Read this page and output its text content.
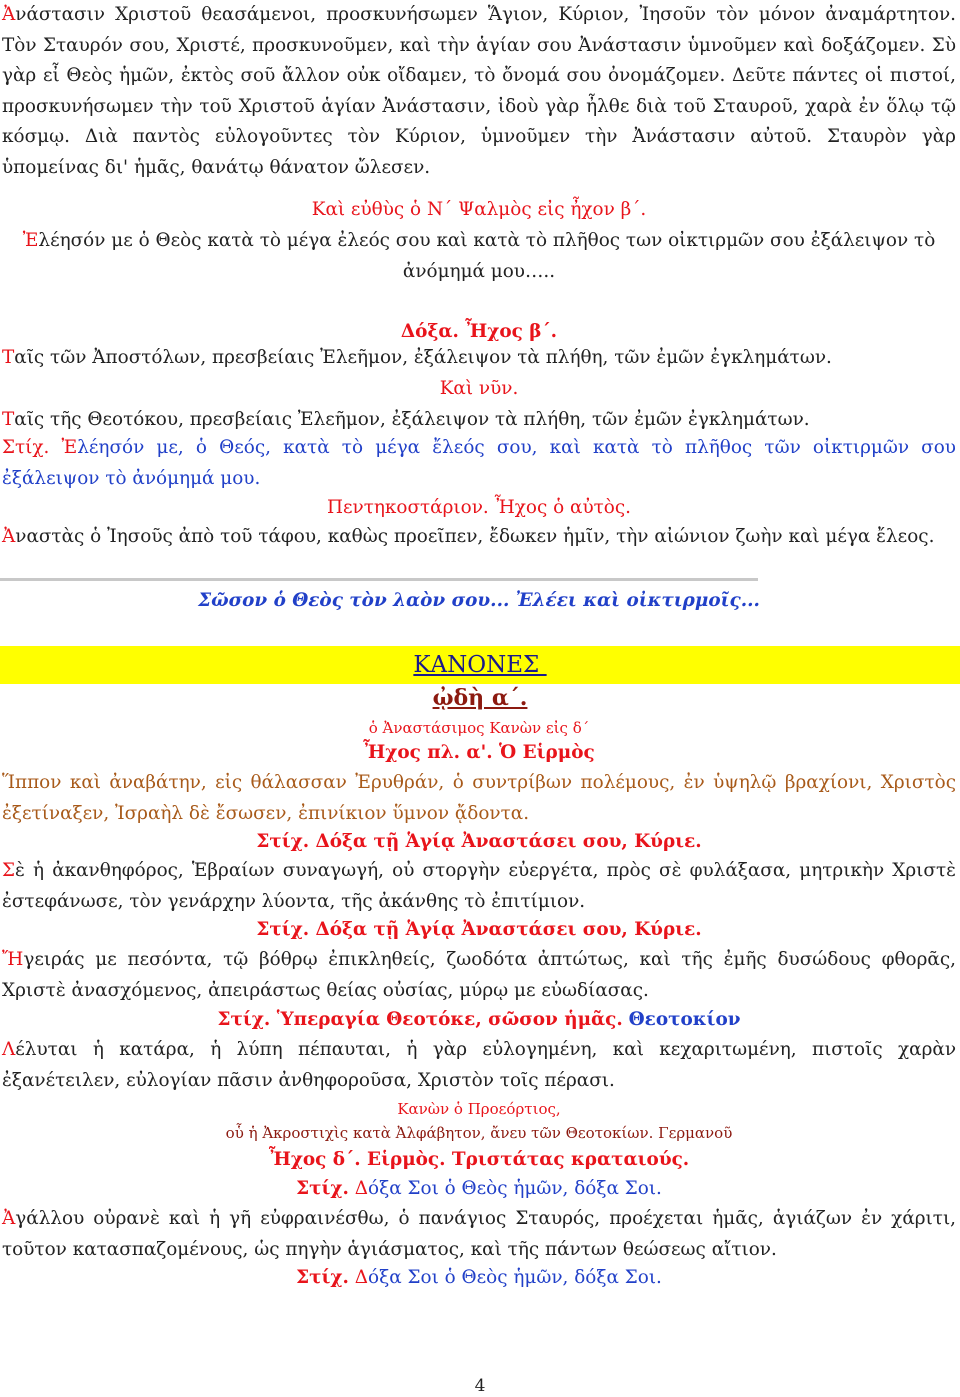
Ἀνάστασιν Χριστοῦ θεασάμενοι, προσκυνήσωμεν Ἅγιον, Κύριον, Ἰησοῦν τὸν μόνον ἀναμάρτητον. Τὸν Σταυρόν σου, Χριστέ, προσκυνοῦμεν, καὶ τὴν ἁγίαν σου Ἀνάστασιν ὑμνοῦμεν καὶ δοξάζομεν. Σὺ γὰρ εἶ Θεὸς ἡμῶν, ἐκτὸς σοῦ ἄλλον οὐκ οἴδαμεν, τὸ ὄνομά σου ὀνομάζομεν. Δεῦτε πάντες οἱ πιστοί, προσκυνήσωμεν τὴν τοῦ Χριστοῦ ἁγίαν Ἀνάστασιν, ἰδοὺ γὰρ ἦλθε διὰ τοῦ Σταυροῦ, χαρὰ ἐν ὅλῳ τῷ κόσμῳ. Διὰ παντὸς εὐλογοῦντες τὸν Κύριον, ὑμνοῦμεν τὴν Ἀνάστασιν αὐτοῦ. Σταυρὸν γὰρ ὑπομείνας δι' ἡμᾶς, θανάτῳ θάνατον ὤλεσεν.

Καὶ εὐθὺς ὁ Ν΄ Ψαλμὸς εἰς ἦχον β΄.

Ἐλέησόν με ὁ Θεὸς κατὰ τὸ μέγα ἐλεός σου καὶ κατὰ τὸ πλῆθος των οἰκτιρμῶν σου ἐξάλειψον τὸ ἀνόμημά μου…..

Δόξα. Ἦχος β΄.

Ταῖς τῶν Ἀποστόλων, πρεσβείαις Ἐλεῆμον, ἐξάλειψον τὰ πλήθη, τῶν ἐμῶν ἐγκλημάτων.

Καὶ νῦν.

Ταῖς τῆς Θεοτόκου, πρεσβείαις Ἐλεῆμον, ἐξάλειψον τὰ πλήθη, τῶν ἐμῶν ἐγκλημάτων.

Στίχ. Ἐλέησόν με, ὁ Θεός, κατὰ τὸ μέγα ἔλεός σου, καὶ κατὰ τὸ πλῆθος τῶν οἰκτιρμῶν σου ἐξάλειψον τὸ ἀνόμημά μου.

Πεντηκοστάριον. Ἦχος ὁ αὐτὸς.

Ἀναστὰς ὁ Ἰησοῦς ἀπὸ τοῦ τάφου, καθὼς προεῖπεν, ἔδωκεν ἡμῖν, τὴν αἰώνιον ζωὴν καὶ μέγα ἔλεος.

Σῶσον ὁ Θεὸς τὸν λαὸν σου... Ἐλέει καὶ οἰκτιρμοῖς...
ΚΑΝΟΝΕΣ
ᾠδὴ α΄.
ὁ Ἀναστάσιμος Κανὼν εἰς δ΄
Ἦχος πλ. α'. Ὁ Εἱρμὸς

Ἵππον καὶ ἀναβάτην, εἰς θάλασσαν Ἐρυθράν, ὁ συντρίβων πολέμους, ἐν ὑψηλῷ βραχίονι, Χριστὸς ἐξετίναξεν, Ἰσραὴλ δὲ ἔσωσεν, ἐπινίκιον ὕμνον ᾄδοντα.

Στίχ. Δόξα τῇ Ἁγίᾳ Ἀναστάσει σου, Κύριε.

Σὲ ἡ ἀκανθηφόρος, Ἑβραίων συναγωγή, οὐ στοργὴν εὐεργέτα, πρὸς σὲ φυλάξασα, μητρικὴν Χριστὲ ἐστεφάνωσε, τὸν γενάρχην λύοντα, τῆς ἀκάνθης τὸ ἐπιτίμιον.

Στίχ. Δόξα τῇ Ἁγίᾳ Ἀναστάσει σου, Κύριε.

Ἤγειράς με πεσόντα, τῷ βόθρῳ ἐπικληθείς, ζωοδότα ἀπτώτως, καὶ τῆς ἐμῆς δυσώδους φθορᾶς, Χριστὲ ἀνασχόμενος, ἀπειράστως θείας οὐσίας, μύρῳ με εὐωδίασας.

Στίχ. Ὑπεραγία Θεοτόκε, σῶσον ἡμᾶς. Θεοτοκίον

Λέλυται ἡ κατάρα, ἡ λύπη πέπαυται, ἡ γὰρ εὐλογημένη, καὶ κεχαριτωμένη, πιστοῖς χαρὰν ἐξανέτειλεν, εὐλογίαν πᾶσιν ἀνθηφοροῦσα, Χριστὸν τοῖς πέρασι.

Κανὼν ὁ Προεόρτιος,
οὗ ἡ Ἀκροστιχὶς κατὰ Ἀλφάβητον, ἄνευ τῶν Θεοτοκίων. Γερμανοῦ
Ἦχος δ΄. Εἱρμὸς. Τριστάτας κραταιούς.
Στίχ. Δόξα Σοι ὁ Θεὸς ἡμῶν, δόξα Σοι.

Ἀγάλλου οὐρανὲ καὶ ἡ γῆ εὐφραινέσθω, ὁ πανάγιος Σταυρός, προέχεται ἡμᾶς, ἁγιάζων ἐν χάριτι, τοῦτον κατασπαζομένους, ὡς πηγὴν ἁγιάσματος, καὶ τῆς πάντων θεώσεως αἴτιον.

Στίχ. Δόξα Σοι ὁ Θεὸς ἡμῶν, δόξα Σοι.
4
